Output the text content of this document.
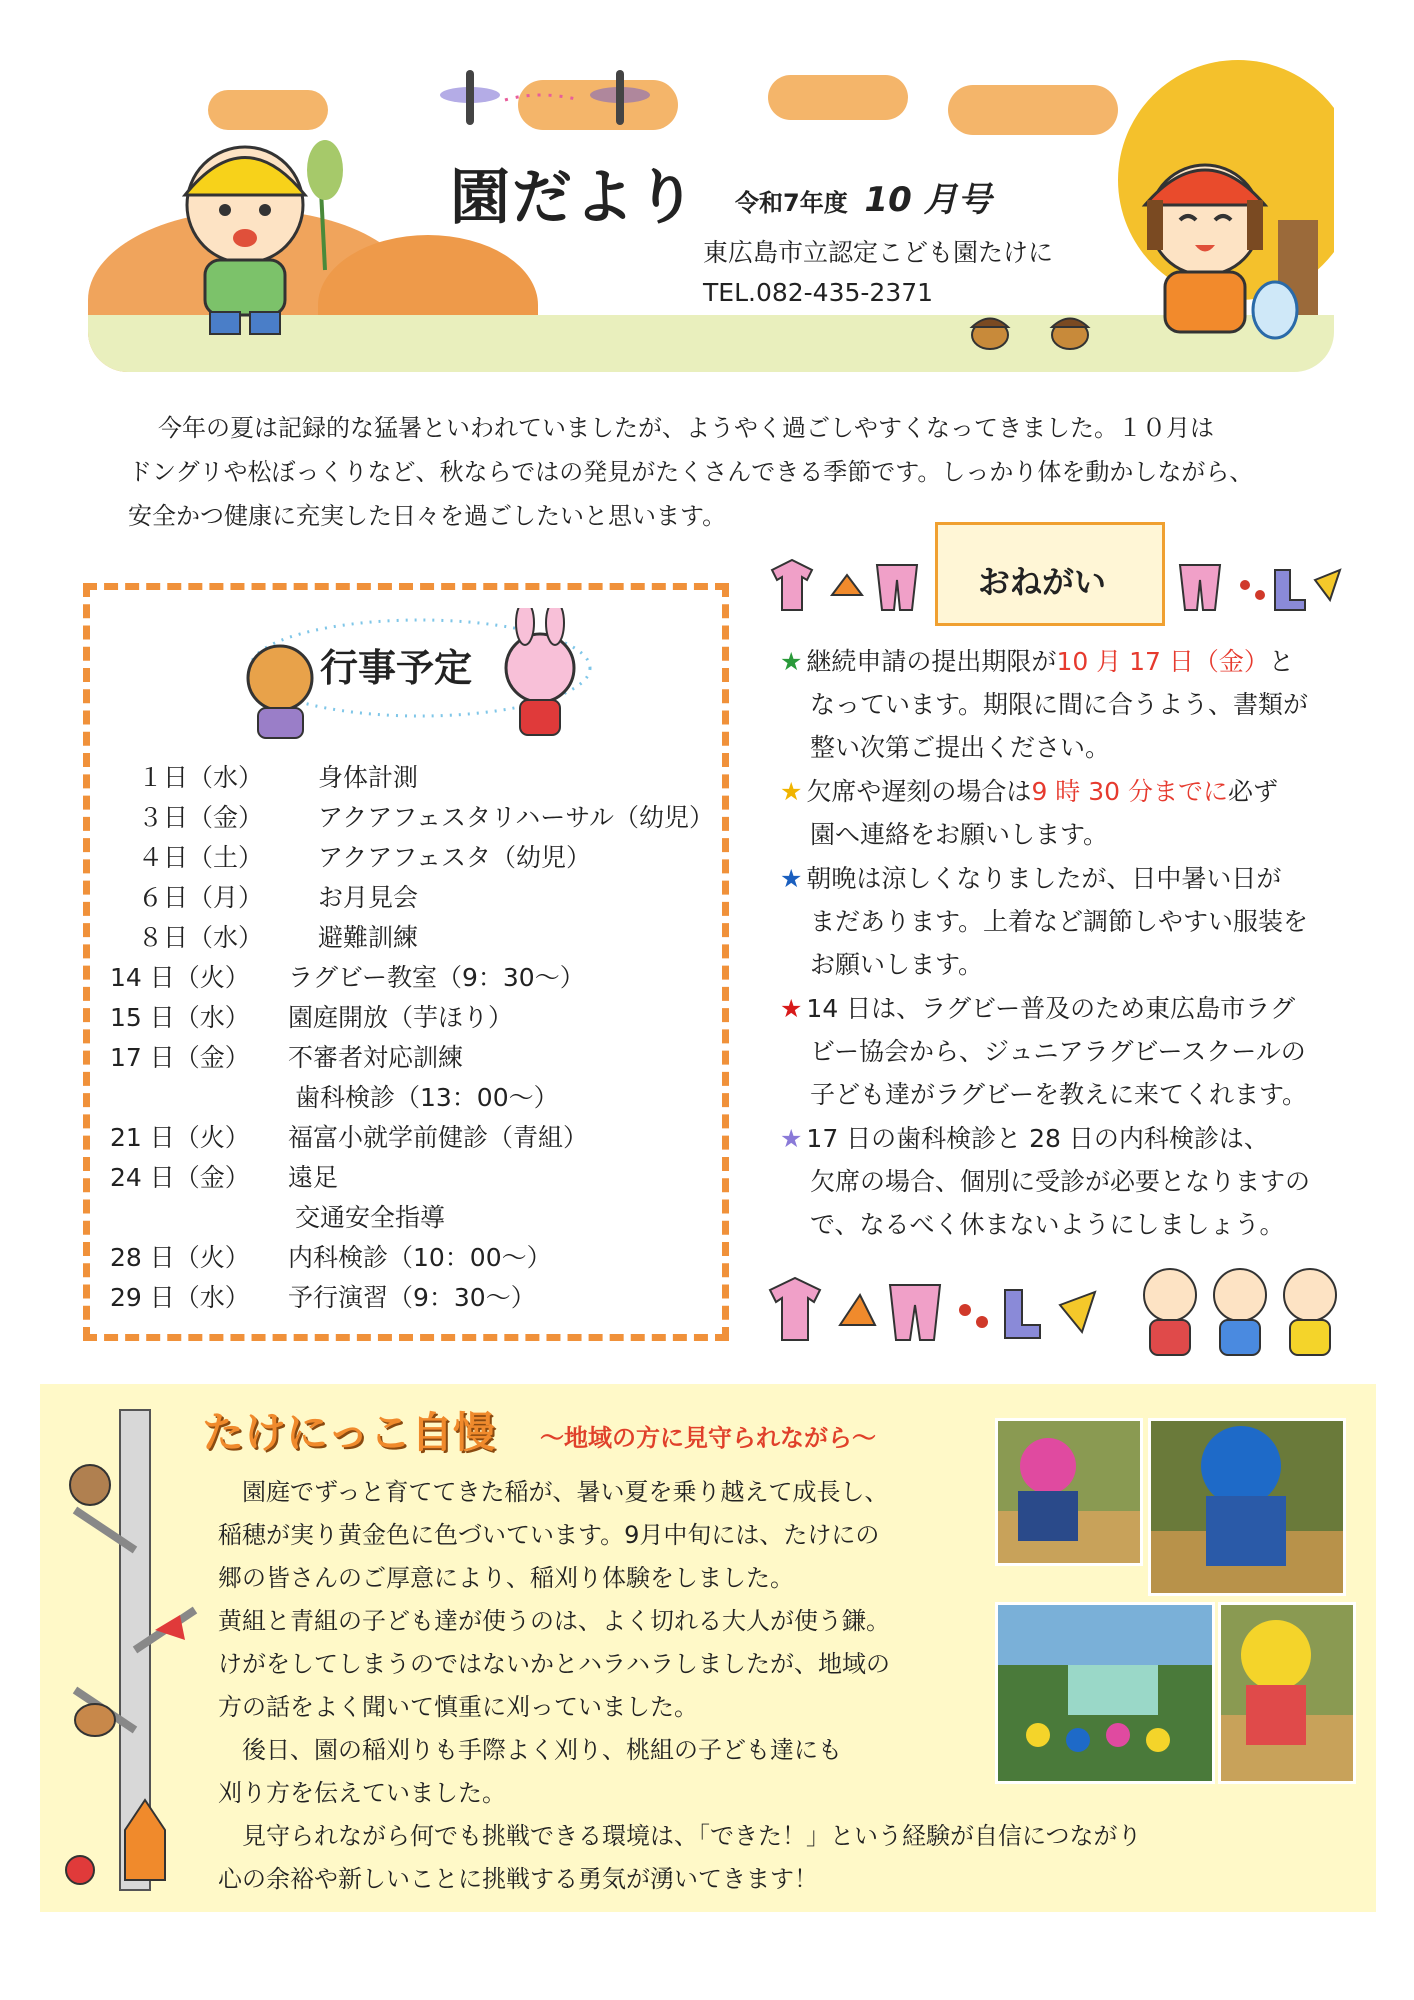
園だより 令和7年度 10 月号
東広島市立認定こども園たけに
TEL.082-435-2371
今年の夏は記録的な猛暑といわれていましたが、ようやく過ごしやすくなってきました。１０月は
ドングリや松ぼっくりなど、秋ならではの発見がたくさんできる季節です。しっかり体を動かしながら、
安全かつ健康に充実した日々を過ごしたいと思います。
行事予定
１日（水） 身体計測
３日（金） アクアフェスタリハーサル（幼児）
４日（土） アクアフェスタ（幼児）
６日（月） お月見会
８日（水） 避難訓練
14 日（火） ラグビー教室（9：30～）
15 日（水） 園庭開放（芋ほり）
17 日（金） 不審者対応訓練
歯科検診（13：00～）
21 日（火） 福富小就学前健診（青組）
24 日（金） 遠足
交通安全指導
28 日（火） 内科検診（10：00～）
29 日（水） 予行演習（9：30～）
おねがい
★ 継続申請の提出期限が10 月 17 日（金）と
なっています。期限に間に合うよう、書類が
整い次第ご提出ください。
★ 欠席や遅刻の場合は9 時 30 分までに必ず
園へ連絡をお願いします。
★ 朝晩は涼しくなりましたが、日中暑い日が
まだあります。上着など調節しやすい服装を
お願いします。
★ 14 日は、ラグビー普及のため東広島市ラグ
ビー協会から、ジュニアラグビースクールの
子ども達がラグビーを教えに来てくれます。
★ 17 日の歯科検診と 28 日の内科検診は、
欠席の場合、個別に受診が必要となりますの
で、なるべく休まないようにしましょう。
たけにっこ自慢 ～地域の方に見守られながら～
　園庭でずっと育ててきた稲が、暑い夏を乗り越えて成長し、
稲穂が実り黄金色に色づいています。9月中旬には、たけにの
郷の皆さんのご厚意により、稲刈り体験をしました。
黄組と青組の子ども達が使うのは、よく切れる大人が使う鎌。
けがをしてしまうのではないかとハラハラしましたが、地域の
方の話をよく聞いて慎重に刈っていました。
　後日、園の稲刈りも手際よく刈り、桃組の子ども達にも
刈り方を伝えていました。
　見守られながら何でも挑戦できる環境は、「できた！」という経験が自信につながり
心の余裕や新しいことに挑戦する勇気が湧いてきます！
